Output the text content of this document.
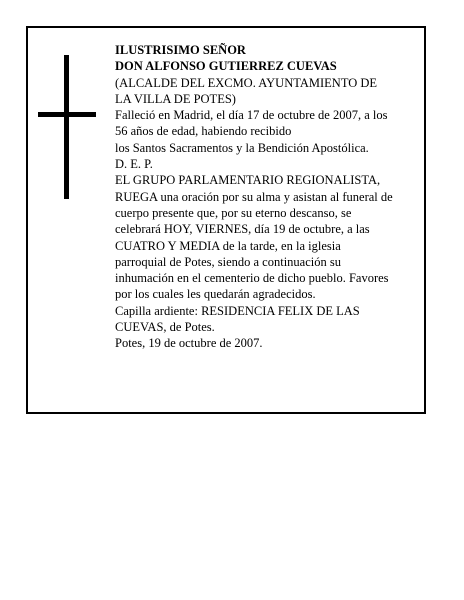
ILUSTRISIMO SEÑOR
DON ALFONSO GUTIERREZ CUEVAS
(ALCALDE DEL EXCMO. AYUNTAMIENTO DE
LA VILLA DE POTES)
Falleció en Madrid, el día 17 de octubre de 2007, a los
56 años de edad, habiendo recibido
los Santos Sacramentos y la Bendición Apostólica.
D. E. P.
EL GRUPO PARLAMENTARIO REGIONALISTA,
RUEGA una oración por su alma y asistan al funeral de
cuerpo presente que, por su eterno descanso, se
celebrará HOY, VIERNES, día 19 de octubre, a las
CUATRO Y MEDIA de la tarde, en la iglesia
parroquial de Potes, siendo a continuación su
inhumación en el cementerio de dicho pueblo. Favores
por los cuales les quedarán agradecidos.
Capilla ardiente: RESIDENCIA FELIX DE LAS
CUEVAS, de Potes.
Potes, 19 de octubre de 2007.
